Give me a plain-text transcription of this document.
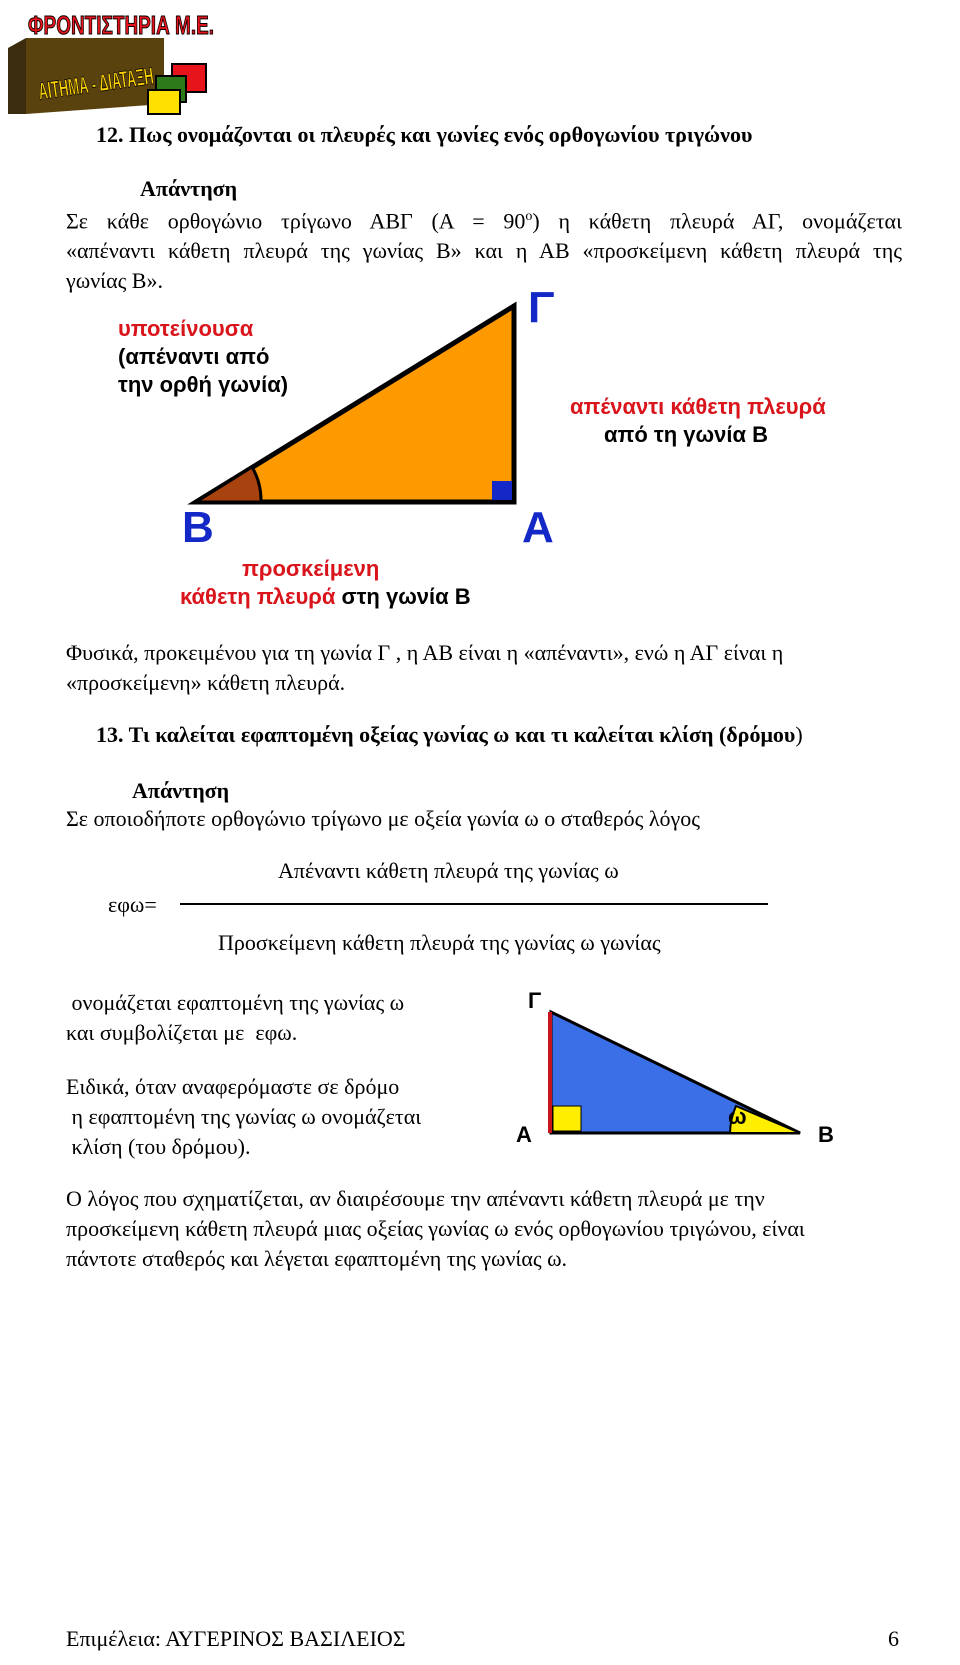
ΦΡΟΝΤΙΣΤΗΡΙΑ Μ.Ε.
ΑΙΤΗΜΑ - ΔΙΑΤΑΞΗ
12. Πως ονομάζονται οι πλευρές και γωνίες ενός ορθογωνίου τριγώνου
Απάντηση
Σε κάθε ορθογώνιο τρίγωνο ΑΒΓ $(A = 90^o)$ η κάθετη πλευρά ΑΓ, ονομάζεται
«απέναντι κάθετη πλευρά της γωνίας Β» και η ΑΒ «προσκείμενη κάθετη πλευρά της
γωνίας Β».
υποτείνουσα
(απέναντι από
την ορθή γωνία)
Γ
Β	Α
απέναντι κάθετη πλευρά
από τη γωνία Β
προσκείμενη
κάθετη πλευρά στη γωνία Β
Φυσικά, προκειμένου για τη γωνία Γ , η ΑΒ είναι η «απέναντι», ενώ η ΑΓ είναι η
«προσκείμενη» κάθετη πλευρά.
13. Τι καλείται εφαπτομένη οξείας γωνίας ω και τι καλείται κλίση (δρόμου)
Απάντηση
Σε οποιοδήποτε ορθογώνιο τρίγωνο με οξεία γωνία ω ο σταθερός λόγος
Απέναντι κάθετη πλευρά της γωνίας ω
εφω=
Προσκείμενη κάθετη πλευρά της γωνίας ω γωνίας
ονομάζεται εφαπτομένη της γωνίας ω
και συμβολίζεται με  εφω.
Ειδικά, όταν αναφερόμαστε σε δρόμο
η εφαπτομένη της γωνίας ω ονομάζεται
κλίση (του δρόμου).
Γ
Α	Β
ω
Ο λόγος που σχηματίζεται, αν διαιρέσουμε την απέναντι κάθετη πλευρά με την
προσκείμενη κάθετη πλευρά μιας οξείας γωνίας ω ενός ορθογωνίου τριγώνου, είναι
πάντοτε σταθερός και λέγεται εφαπτομένη της γωνίας ω.
Επιμέλεια: ΑΥΓΕΡΙΝΟΣ ΒΑΣΙΛΕΙΟΣ	6
